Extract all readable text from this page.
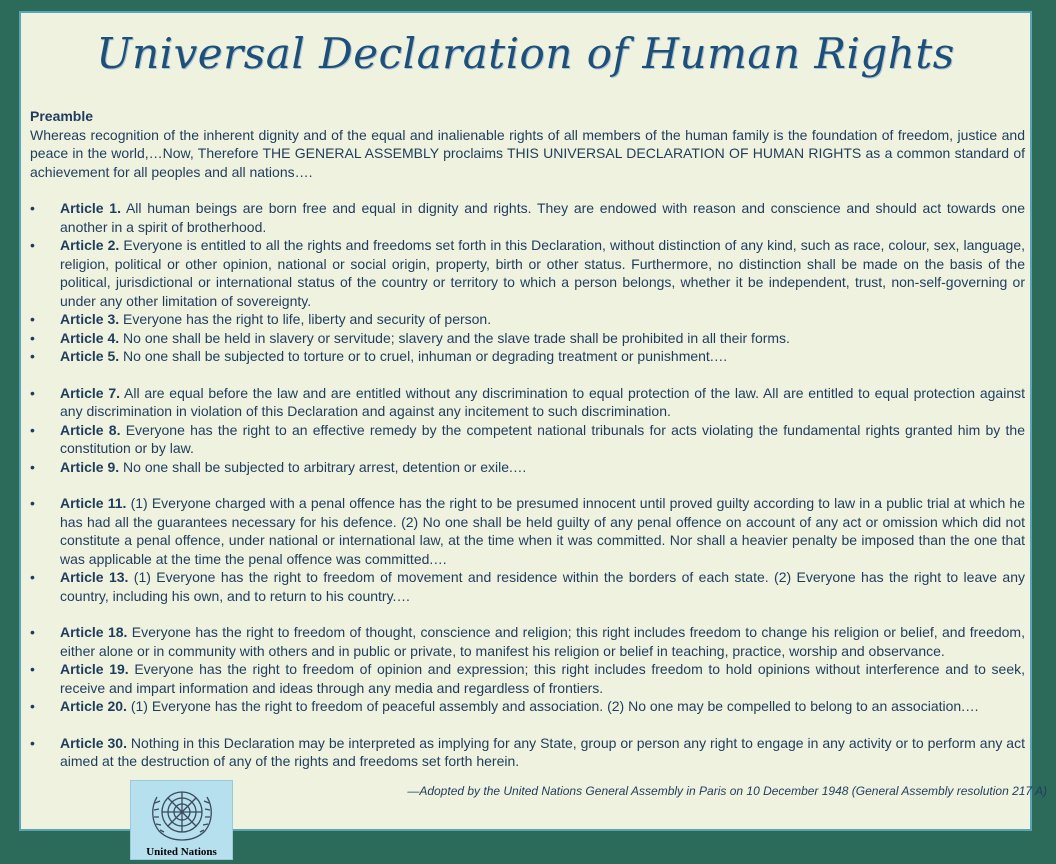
Universal Declaration of Human Rights
Preamble

Whereas recognition of the inherent dignity and of the equal and inalienable rights of all members of the human family is the foundation of freedom, justice and peace in the world,…Now, Therefore THE GENERAL ASSEMBLY proclaims THIS UNIVERSAL DECLARATION OF HUMAN RIGHTS as a common standard of achievement for all peoples and all nations….

• Article 1. All human beings are born free and equal in dignity and rights. They are endowed with reason and conscience and should act towards one another in a spirit of brotherhood.
• Article 2. Everyone is entitled to all the rights and freedoms set forth in this Declaration, without distinction of any kind, such as race, colour, sex, language, religion, political or other opinion, national or social origin, property, birth or other status. Furthermore, no distinction shall be made on the basis of the political, jurisdictional or international status of the country or territory to which a person belongs, whether it be independent, trust, non-self-governing or under any other limitation of sovereignty.
• Article 3. Everyone has the right to life, liberty and security of person.
• Article 4. No one shall be held in slavery or servitude; slavery and the slave trade shall be prohibited in all their forms.
• Article 5. No one shall be subjected to torture or to cruel, inhuman or degrading treatment or punishment.…
• Article 7. All are equal before the law and are entitled without any discrimination to equal protection of the law. All are entitled to equal protection against any discrimination in violation of this Declaration and against any incitement to such discrimination.
• Article 8. Everyone has the right to an effective remedy by the competent national tribunals for acts violating the fundamental rights granted him by the constitution or by law.
• Article 9. No one shall be subjected to arbitrary arrest, detention or exile.…
• Article 11. (1) Everyone charged with a penal offence has the right to be presumed innocent until proved guilty according to law in a public trial at which he has had all the guarantees necessary for his defence. (2) No one shall be held guilty of any penal offence on account of any act or omission which did not constitute a penal offence, under national or international law, at the time when it was committed. Nor shall a heavier penalty be imposed than the one that was applicable at the time the penal offence was committed.…
• Article 13. (1) Everyone has the right to freedom of movement and residence within the borders of each state. (2) Everyone has the right to leave any country, including his own, and to return to his country.…
• Article 18. Everyone has the right to freedom of thought, conscience and religion; this right includes freedom to change his religion or belief, and freedom, either alone or in community with others and in public or private, to manifest his religion or belief in teaching, practice, worship and observance.
• Article 19. Everyone has the right to freedom of opinion and expression; this right includes freedom to hold opinions without interference and to seek, receive and impart information and ideas through any media and regardless of frontiers.
• Article 20. (1) Everyone has the right to freedom of peaceful assembly and association. (2) No one may be compelled to belong to an association.…
• Article 30. Nothing in this Declaration may be interpreted as implying for any State, group or person any right to engage in any activity or to perform any act aimed at the destruction of any of the rights and freedoms set forth herein.
—Adopted by the United Nations General Assembly in Paris on 10 December 1948 (General Assembly resolution 217 A)
United Nations
